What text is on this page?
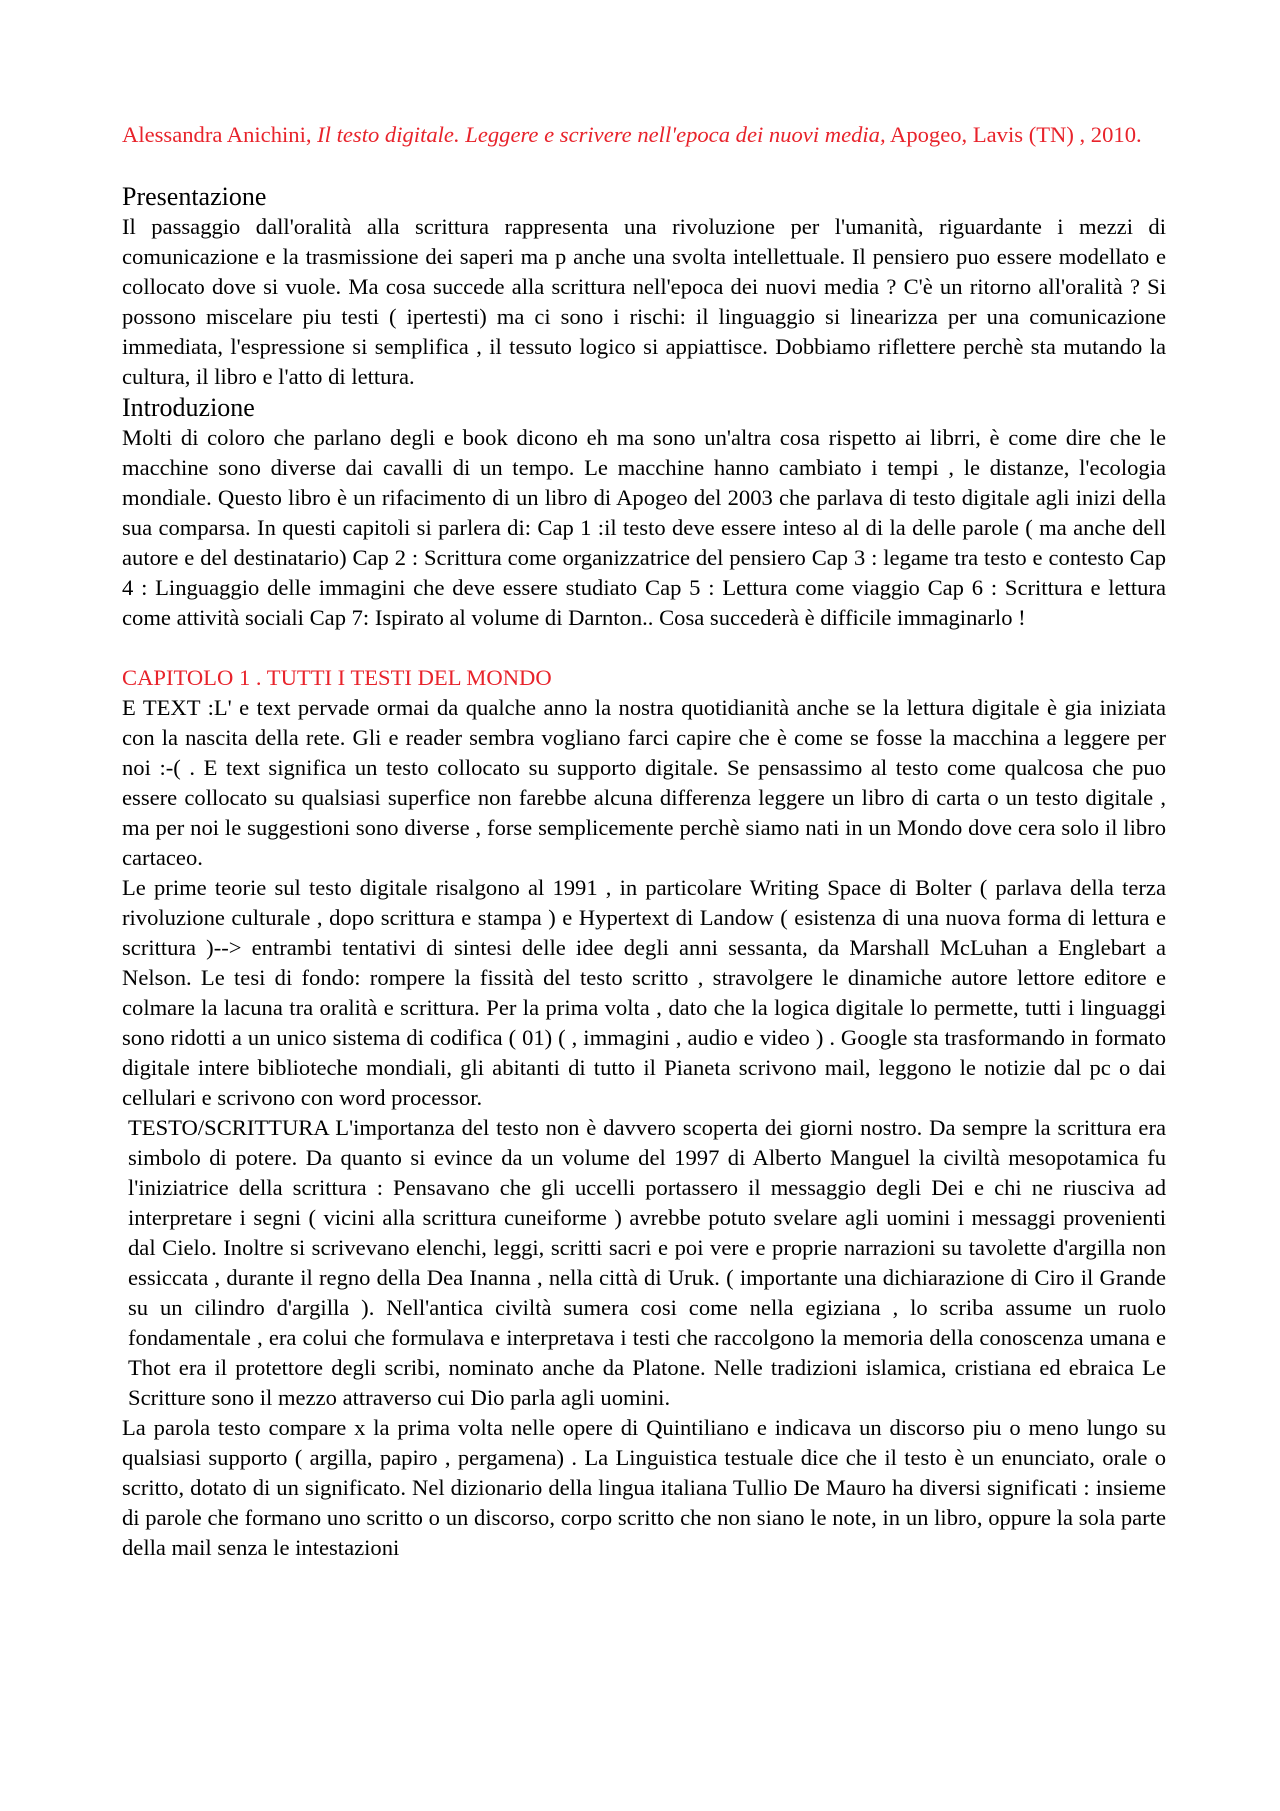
Alessandra Anichini, Il testo digitale. Leggere e scrivere nell'epoca dei nuovi media, Apogeo, Lavis (TN) , 2010.

Presentazione

Il passaggio dall'oralità alla scrittura rappresenta una rivoluzione per l'umanità, riguardante i mezzi di comunicazione e la trasmissione dei saperi ma p anche una svolta intellettuale. Il pensiero puo essere modellato e collocato dove si vuole. Ma cosa succede alla scrittura nell'epoca dei nuovi media ? C'è un ritorno all'oralità ? Si possono miscelare piu testi ( ipertesti) ma ci sono i rischi: il linguaggio si linearizza per una comunicazione immediata, l'espressione si semplifica , il tessuto logico si appiattisce. Dobbiamo riflettere perchè sta mutando la cultura, il libro e l'atto di lettura.

Introduzione

Molti di coloro che parlano degli e book dicono eh ma sono un'altra cosa rispetto ai librri, è come dire che le macchine sono diverse dai cavalli di un tempo. Le macchine hanno cambiato i tempi , le distanze, l'ecologia mondiale. Questo libro è un rifacimento di un libro di Apogeo del 2003 che parlava di testo digitale agli inizi della sua comparsa. In questi capitoli si parlera di: Cap 1 :il testo deve essere inteso al di la delle parole ( ma anche dell autore e del destinatario) Cap 2 : Scrittura come organizzatrice del pensiero Cap 3 : legame tra testo e contesto Cap 4 : Linguaggio delle immagini che deve essere studiato Cap 5 : Lettura come viaggio Cap 6 : Scrittura e lettura come attività sociali Cap 7: Ispirato al volume di Darnton.. Cosa succederà è difficile immaginarlo !

CAPITOLO 1 . TUTTI I TESTI DEL MONDO

E TEXT :L' e text pervade ormai da qualche anno la nostra quotidianità anche se la lettura digitale è gia iniziata con la nascita della rete. Gli e reader sembra vogliano farci capire che è come se fosse la macchina a leggere per noi :-( . E text significa un testo collocato su supporto digitale. Se pensassimo al testo come qualcosa che puo essere collocato su qualsiasi superfice non farebbe alcuna differenza leggere un libro di carta o un testo digitale , ma per noi le suggestioni sono diverse , forse semplicemente perchè siamo nati in un Mondo dove cera solo il libro cartaceo.

Le prime teorie sul testo digitale risalgono al 1991 , in particolare Writing Space di Bolter ( parlava della terza rivoluzione culturale , dopo scrittura e stampa ) e Hypertext di Landow ( esistenza di una nuova forma di lettura e scrittura )--> entrambi tentativi di sintesi delle idee degli anni sessanta, da Marshall McLuhan a Englebart a Nelson. Le tesi di fondo: rompere la fissità del testo scritto , stravolgere le dinamiche autore lettore editore e colmare la lacuna tra oralità e scrittura. Per la prima volta , dato che la logica digitale lo permette, tutti i linguaggi sono ridotti a un unico sistema di codifica ( 01) ( , immagini , audio e video ) . Google sta trasformando in formato digitale intere biblioteche mondiali, gli abitanti di tutto il Pianeta scrivono mail, leggono le notizie dal pc o dai cellulari e scrivono con word processor.

TESTO/SCRITTURA L'importanza del testo non è davvero scoperta dei giorni nostro. Da sempre la scrittura era simbolo di potere. Da quanto si evince da un volume del 1997 di Alberto Manguel la civiltà mesopotamica fu l'iniziatrice della scrittura : Pensavano che gli uccelli portassero il messaggio degli Dei e chi ne riusciva ad interpretare i segni ( vicini alla scrittura cuneiforme ) avrebbe potuto svelare agli uomini i messaggi provenienti dal Cielo. Inoltre si scrivevano elenchi, leggi, scritti sacri e poi vere e proprie narrazioni su tavolette d'argilla non essiccata , durante il regno della Dea Inanna , nella città di Uruk. ( importante una dichiarazione di Ciro il Grande su un cilindro d'argilla ). Nell'antica civiltà sumera cosi come nella egiziana , lo scriba assume un ruolo fondamentale , era colui che formulava e interpretava i testi che raccolgono la memoria della conoscenza umana e Thot era il protettore degli scribi, nominato anche da Platone. Nelle tradizioni islamica, cristiana ed ebraica Le Scritture sono il mezzo attraverso cui Dio parla agli uomini.

La parola testo compare x la prima volta nelle opere di Quintiliano e indicava un discorso piu o meno lungo su qualsiasi supporto ( argilla, papiro , pergamena) . La Linguistica testuale dice che il testo è un enunciato, orale o scritto, dotato di un significato. Nel dizionario della lingua italiana Tullio De Mauro ha diversi significati : insieme di parole che formano uno scritto o un discorso, corpo scritto che non siano le note, in un libro, oppure la sola parte della mail senza le intestazioni
